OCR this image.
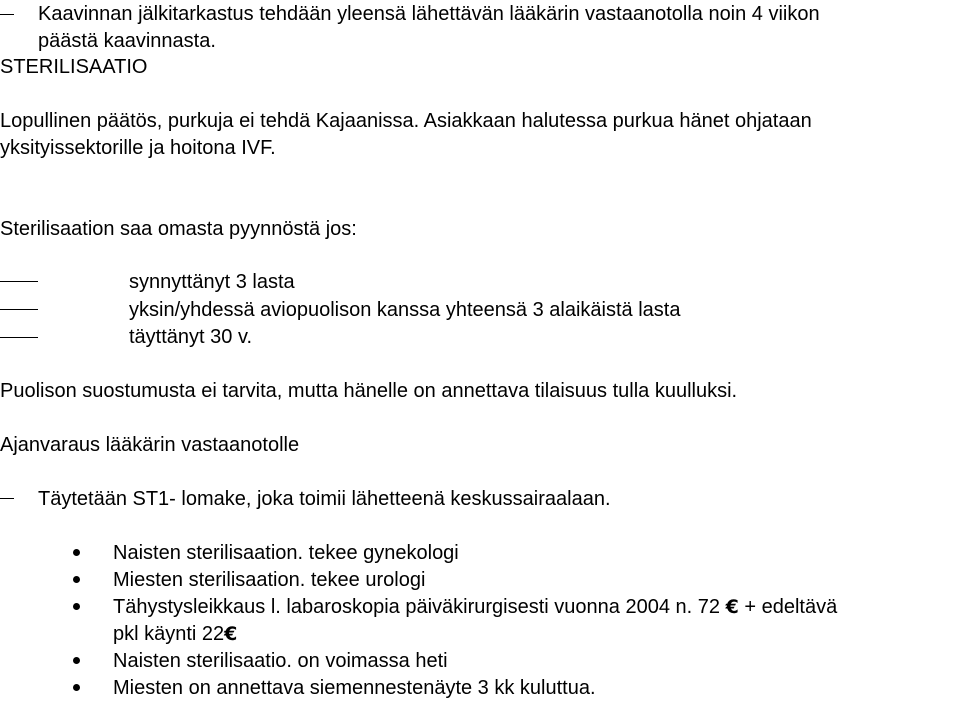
Kaavinnan jälkitarkastus tehdään yleensä lähettävän lääkärin vastaanotolla noin 4 viikon
päästä kaavinnasta.
STERILISAATIO
Lopullinen päätös, purkuja ei tehdä Kajaanissa. Asiakkaan halutessa purkua hänet ohjataan
yksityissektorille ja hoitona IVF.
Sterilisaation saa omasta pyynnöstä jos:
synnyttänyt 3 lasta
yksin/yhdessä aviopuolison kanssa yhteensä 3 alaikäistä lasta
täyttänyt 30 v.
Puolison suostumusta ei tarvita, mutta hänelle on annettava tilaisuus tulla kuulluksi.
Ajanvaraus lääkärin vastaanotolle
Täytetään ST1- lomake, joka toimii lähetteenä keskussairaalaan.
Naisten sterilisaation. tekee gynekologi
Miesten sterilisaation. tekee urologi
Tähystysleikkaus l. labaroskopia päiväkirurgisesti vuonna 2004 n. 72 € + edeltävä
pkl käynti 22€
Naisten sterilisaatio. on voimassa heti
Miesten on annettava siemennestenäyte 3 kk kuluttua.
